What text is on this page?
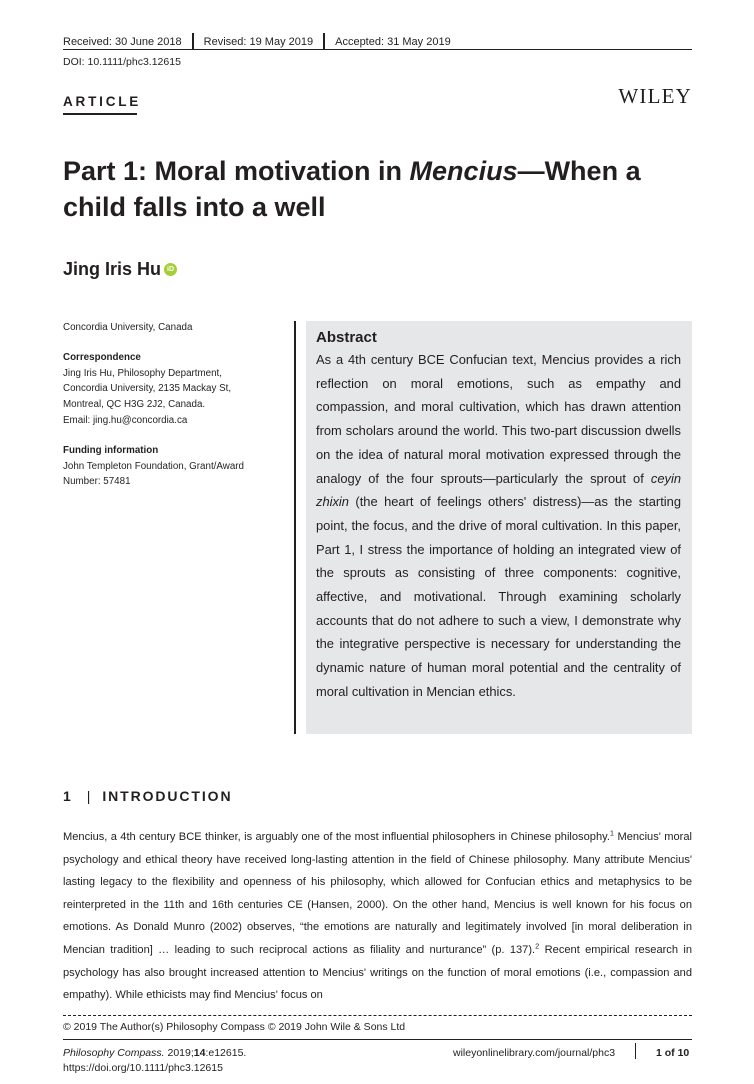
Received: 30 June 2018 Revised: 19 May 2019 Accepted: 31 May 2019
DOI: 10.1111/phc3.12615
ARTICLE	WILEY
Part 1: Moral motivation in Mencius—When a child falls into a well
Jing Iris Hu iD

Concordia University, Canada

Correspondence

Jing Iris Hu, Philosophy Department,

Concordia University, 2135 Mackay St,

Montreal, QC H3G 2J2, Canada.

Email: jing.hu@concordia.ca

Funding information

John Templeton Foundation, Grant/Award

Number: 57481

Abstract

As a 4th century BCE Confucian text, Mencius provides a rich reflection on moral emotions, such as empathy and compassion, and moral cultivation, which has drawn attention from scholars around the world. This two-part discussion dwells on the idea of natural moral motivation expressed through the analogy of the four sprouts—particularly the sprout of ceyin zhixin (the heart of feelings others' distress)—as the starting point, the focus, and the drive of moral cultivation. In this paper, Part 1, I stress the importance of holding an integrated view of the sprouts as consisting of three components: cognitive, affective, and motivational. Through examining scholarly accounts that do not adhere to such a view, I demonstrate why the integrative perspective is necessary for understanding the dynamic nature of human moral potential and the centrality of moral cultivation in Mencian ethics.

1 | INTRODUCTION

Mencius, a 4th century BCE thinker, is arguably one of the most influential philosophers in Chinese philosophy.$^1$ Mencius' moral psychology and ethical theory have received long-lasting attention in the field of Chinese philosophy. Many attribute Mencius' lasting legacy to the flexibility and openness of his philosophy, which allowed for Confucian ethics and metaphysics to be reinterpreted in the 11th and 16th centuries CE (Hansen, 2000). On the other hand, Mencius is well known for his focus on emotions. As Donald Munro (2002) observes, “the emotions are naturally and legitimately involved [in moral deliberation in Mencian tradition] … leading to such reciprocal actions as filiality and nurturance” (p. 137).$^2$ Recent empirical research in psychology has also brought increased attention to Mencius' writings on the function of moral emotions (i.e., compassion and empathy). While ethicists may find Mencius' focus on

© 2019 The Author(s) Philosophy Compass © 2019 John Wile & Sons Ltd
Philosophy Compass. 2019;14:e12615.
https://doi.org/10.1111/phc3.12615
wileyonlinelibrary.com/journal/phc3	1 of 10
